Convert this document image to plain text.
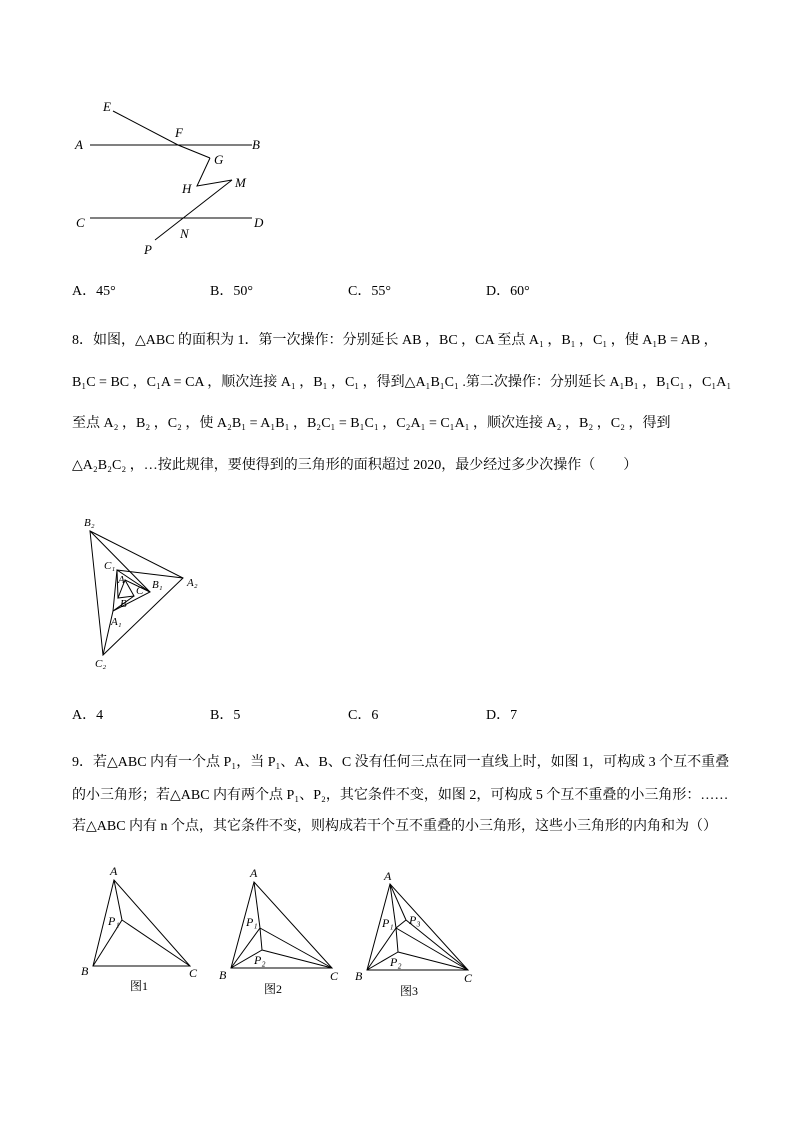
E
F
A	B
G
H	M
C	D
N
P
A．45°	B．50°	C．55°	D．60°
8．如图，△ABC 的面积为 1．第一次操作：分别延长 AB ，BC ，CA 至点 A₁ ，B₁ ，C₁ ，使 A₁B = AB ，
B₁C = BC ，C₁A = CA ，顺次连接 A₁ ，B₁ ，C₁ ，得到△A₁B₁C₁ .第二次操作：分别延长 A₁B₁ ，B₁C₁ ，C₁A₁
至点 A₂ ，B₂ ，C₂ ，使 A₂B₁ = A₁B₁ ，B₂C₁ = B₁C₁ ，C₂A₁ = C₁A₁ ，顺次连接 A₂ ，B₂ ，C₂ ，得到
△A₂B₂C₂ ，…按此规律，要使得到的三角形的面积超过 2020，最少经过多少次操作（　　）
B₂
C₁
A
C B₁ A₂
B
A₁
C₂
A．4	B．5	C．6	D．7
9．若△ABC 内有一个点 P₁，当 P₁、A、B、C 没有任何三点在同一直线上时，如图 1，可构成 3 个互不重叠
的小三角形；若△ABC 内有两个点 P₁、P₂，其它条件不变，如图 2，可构成 5 个互不重叠的小三角形：……
若△ABC 内有 n 个点，其它条件不变，则构成若干个互不重叠的小三角形，这些小三角形的内角和为（）
A
P₁
B	C
图1
A
P₁
P₂
B	C
图2
A
P₁ P₃
P₂
B	C
图3
